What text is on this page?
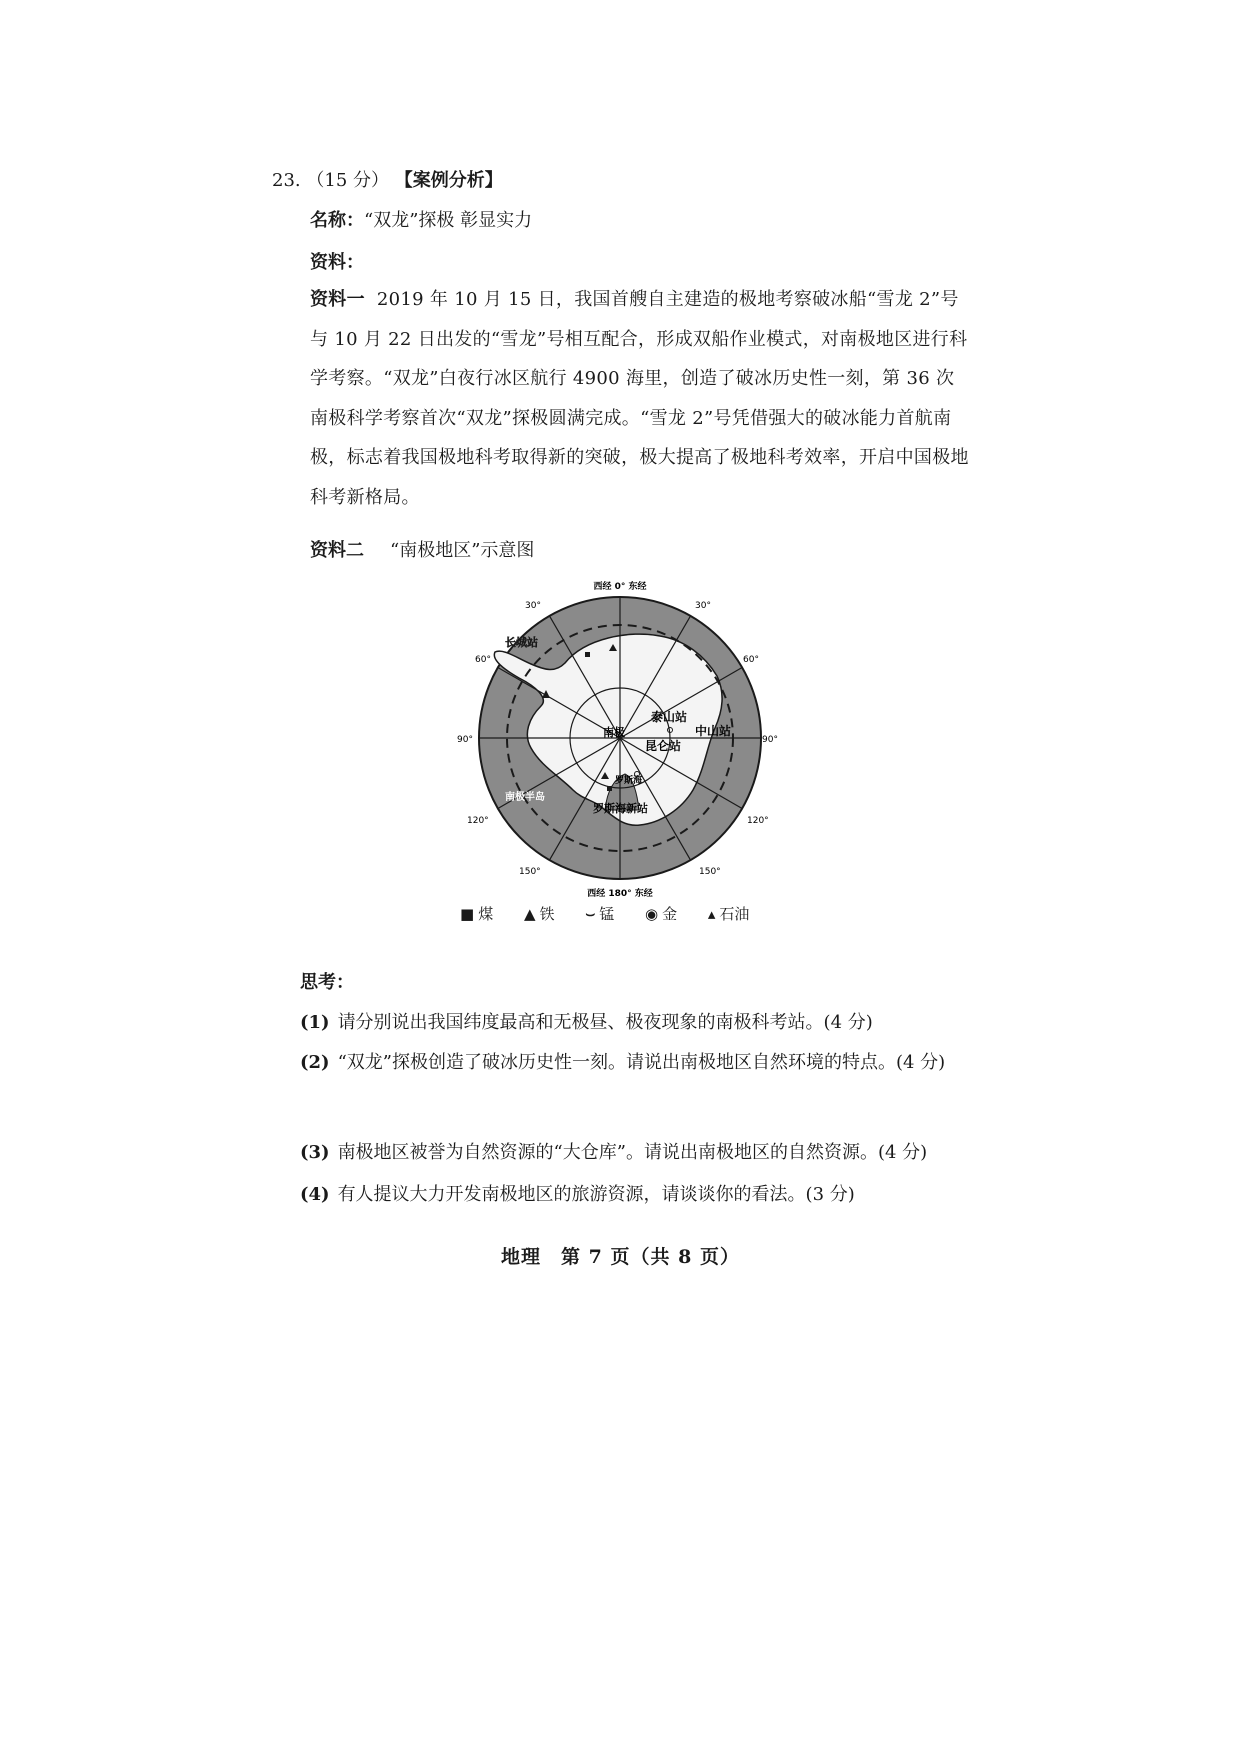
23. （15 分） 【案例分析】
名称：“双龙”探极 彰显实力
资料：
资料一 2019 年 10 月 15 日，我国首艘自主建造的极地考察破冰船“雪龙 2”号与 10 月 22 日出发的“雪龙”号相互配合，形成双船作业模式，对南极地区进行科学考察。“双龙”白夜行冰区航行 4900 海里，创造了破冰历史性一刻，第 36 次南极科学考察首次“双龙”探极圆满完成。“雪龙 2”号凭借强大的破冰能力首航南极，标志着我国极地科考取得新的突破，极大提高了极地科考效率，开启中国极地科考新格局。
资料二 “南极地区”示意图
西经 0° 东经
西经 180° 东经
30°	30°
60°	60°
90°	90°
120°	120°
150°	150°
长城站
泰山站
中山站
昆仑站
南极
罗斯海新站
罗斯海
南极半岛
■ 煤 ▲ 铁 ⌣ 锰 ◉ 金 ▴ 石油
思考：
(1) 请分别说出我国纬度最高和无极昼、极夜现象的南极科考站。(4 分)
(2) “双龙”探极创造了破冰历史性一刻。请说出南极地区自然环境的特点。(4 分)
(3) 南极地区被誉为自然资源的“大仓库”。请说出南极地区的自然资源。(4 分)
(4) 有人提议大力开发南极地区的旅游资源，请谈谈你的看法。(3 分)
地理　第 7 页（共 8 页）
